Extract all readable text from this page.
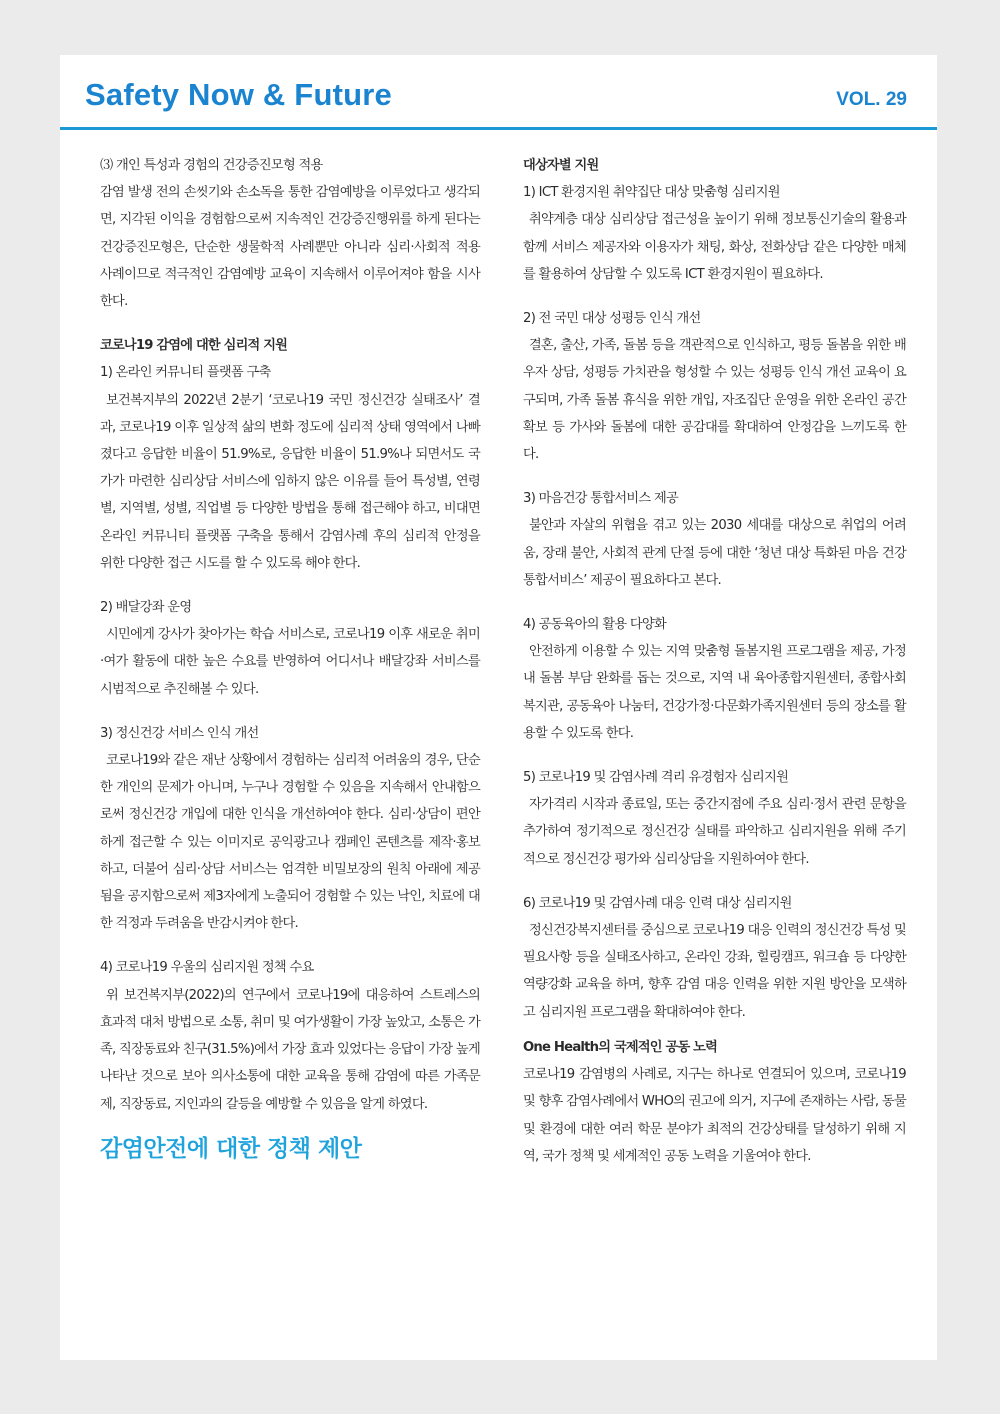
Safety Now & Future	VOL. 29
⑶ 개인 특성과 경험의 건강증진모형 적용
감염 발생 전의 손씻기와 손소독을 통한 감염예방을 이루었다고 생각되면, 지각된 이익을 경험함으로써 지속적인 건강증진행위를 하게 된다는 건강증진모형은, 단순한 생물학적 사례뿐만 아니라 심리·사회적 적용 사례이므로 적극적인 감염예방 교육이 지속해서 이루어져야 함을 시사한다.
코로나19 감염에 대한 심리적 지원
1) 온라인 커뮤니티 플랫폼 구축
보건복지부의 2022년 2분기 ‘코로나19 국민 정신건강 실태조사’ 결과, 코로나19 이후 일상적 삶의 변화 정도에 심리적 상태 영역에서 나빠졌다고 응답한 비율이 51.9%로, 응답한 비율이 51.9%나 되면서도 국가가 마련한 심리상담 서비스에 임하지 않은 이유를 들어 특성별, 연령별, 지역별, 성별, 직업별 등 다양한 방법을 통해 접근해야 하고, 비대면 온라인 커뮤니티 플랫폼 구축을 통해서 감염사례 후의 심리적 안정을 위한 다양한 접근 시도를 할 수 있도록 해야 한다.
2) 배달강좌 운영
시민에게 강사가 찾아가는 학습 서비스로, 코로나19 이후 새로운 취미·여가 활동에 대한 높은 수요를 반영하여 어디서나 배달강좌 서비스를 시범적으로 추진해볼 수 있다.
3) 정신건강 서비스 인식 개선
코로나19와 같은 재난 상황에서 경험하는 심리적 어려움의 경우, 단순한 개인의 문제가 아니며, 누구나 경험할 수 있음을 지속해서 안내함으로써 정신건강 개입에 대한 인식을 개선하여야 한다. 심리·상담이 편안하게 접근할 수 있는 이미지로 공익광고나 캠페인 콘텐츠를 제작·홍보하고, 더불어 심리·상담 서비스는 엄격한 비밀보장의 원칙 아래에 제공됨을 공지함으로써 제3자에게 노출되어 경험할 수 있는 낙인, 치료에 대한 걱정과 두려움을 반감시켜야 한다.
4) 코로나19 우울의 심리지원 정책 수요
위 보건복지부(2022)의 연구에서 코로나19에 대응하여 스트레스의 효과적 대처 방법으로 소통, 취미 및 여가생활이 가장 높았고, 소통은 가족, 직장동료와 친구(31.5%)에서 가장 효과 있었다는 응답이 가장 높게 나타난 것으로 보아 의사소통에 대한 교육을 통해 감염에 따른 가족문제, 직장동료, 지인과의 갈등을 예방할 수 있음을 알게 하였다.
감염안전에 대한 정책 제안
대상자별 지원
1) ICT 환경지원 취약집단 대상 맞춤형 심리지원
취약계층 대상 심리상담 접근성을 높이기 위해 정보통신기술의 활용과 함께 서비스 제공자와 이용자가 채팅, 화상, 전화상담 같은 다양한 매체를 활용하여 상담할 수 있도록 ICT 환경지원이 필요하다.
2) 전 국민 대상 성평등 인식 개선
결혼, 출산, 가족, 돌봄 등을 객관적으로 인식하고, 평등 돌봄을 위한 배우자 상담, 성평등 가치관을 형성할 수 있는 성평등 인식 개선 교육이 요구되며, 가족 돌봄 휴식을 위한 개입, 자조집단 운영을 위한 온라인 공간 확보 등 가사와 돌봄에 대한 공감대를 확대하여 안정감을 느끼도록 한다.
3) 마음건강 통합서비스 제공
불안과 자살의 위협을 겪고 있는 2030 세대를 대상으로 취업의 어려움, 장래 불안, 사회적 관계 단절 등에 대한 ‘청년 대상 특화된 마음 건강 통합서비스’ 제공이 필요하다고 본다.
4) 공동육아의 활용 다양화
안전하게 이용할 수 있는 지역 맞춤형 돌봄지원 프로그램을 제공, 가정 내 돌봄 부담 완화를 돕는 것으로, 지역 내 육아종합지원센터, 종합사회복지관, 공동육아 나눔터, 건강가정·다문화가족지원센터 등의 장소를 활용할 수 있도록 한다.
5) 코로나19 및 감염사례 격리 유경험자 심리지원
자가격리 시작과 종료일, 또는 중간지점에 주요 심리·정서 관련 문항을 추가하여 정기적으로 정신건강 실태를 파악하고 심리지원을 위해 주기적으로 정신건강 평가와 심리상담을 지원하여야 한다.
6) 코로나19 및 감염사례 대응 인력 대상 심리지원
정신건강복지센터를 중심으로 코로나19 대응 인력의 정신건강 특성 및 필요사항 등을 실태조사하고, 온라인 강좌, 힐링캠프, 워크숍 등 다양한 역량강화 교육을 하며, 향후 감염 대응 인력을 위한 지원 방안을 모색하고 심리지원 프로그램을 확대하여야 한다.
One Health의 국제적인 공동 노력
코로나19 감염병의 사례로, 지구는 하나로 연결되어 있으며, 코로나19 및 향후 감염사례에서 WHO의 권고에 의거, 지구에 존재하는 사람, 동물 및 환경에 대한 여러 학문 분야가 최적의 건강상태를 달성하기 위해 지역, 국가 정책 및 세계적인 공동 노력을 기울여야 한다.
